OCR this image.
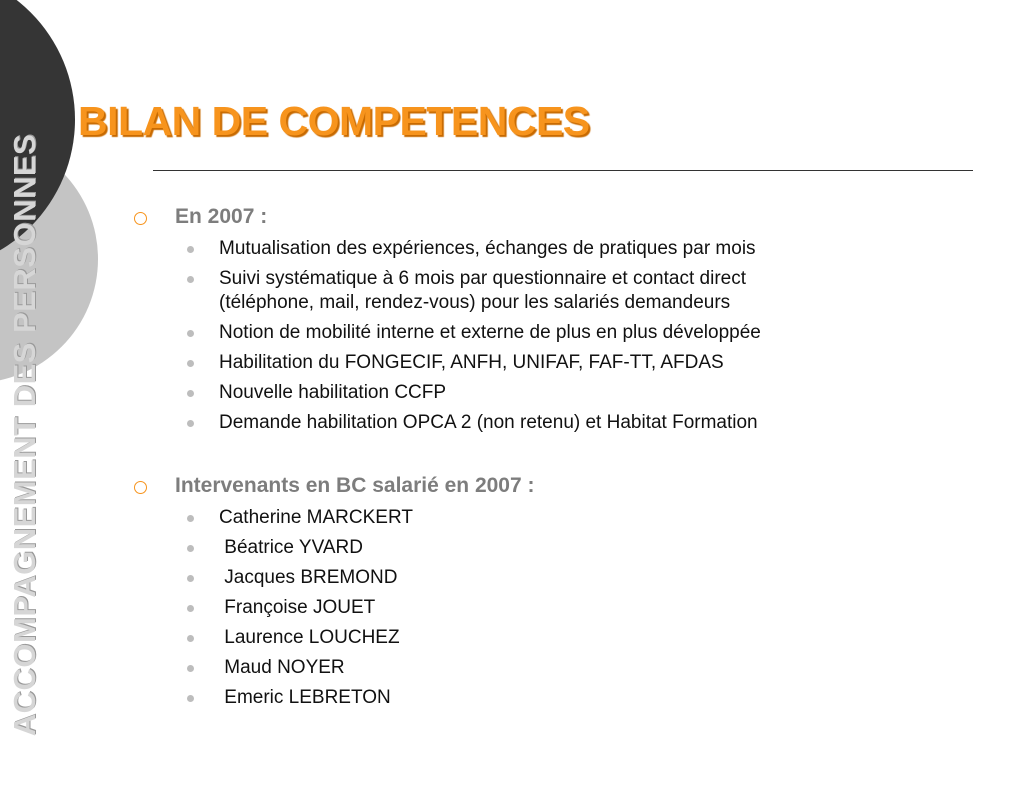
ACCOMPAGNEMENT DES PERSONNES
BILAN DE COMPETENCES
En 2007 :
Mutualisation des expériences, échanges de pratiques par mois
Suivi systématique à 6 mois par questionnaire et contact direct
(téléphone, mail, rendez-vous) pour les salariés demandeurs
Notion de mobilité interne et externe de plus en plus développée
Habilitation du FONGECIF, ANFH, UNIFAF, FAF-TT, AFDAS
Nouvelle habilitation CCFP
Demande habilitation OPCA 2 (non retenu) et Habitat Formation
Intervenants en BC salarié en 2007 :
Catherine MARCKERT
Béatrice YVARD
Jacques BREMOND
Françoise JOUET
Laurence LOUCHEZ
Maud NOYER
Emeric LEBRETON
